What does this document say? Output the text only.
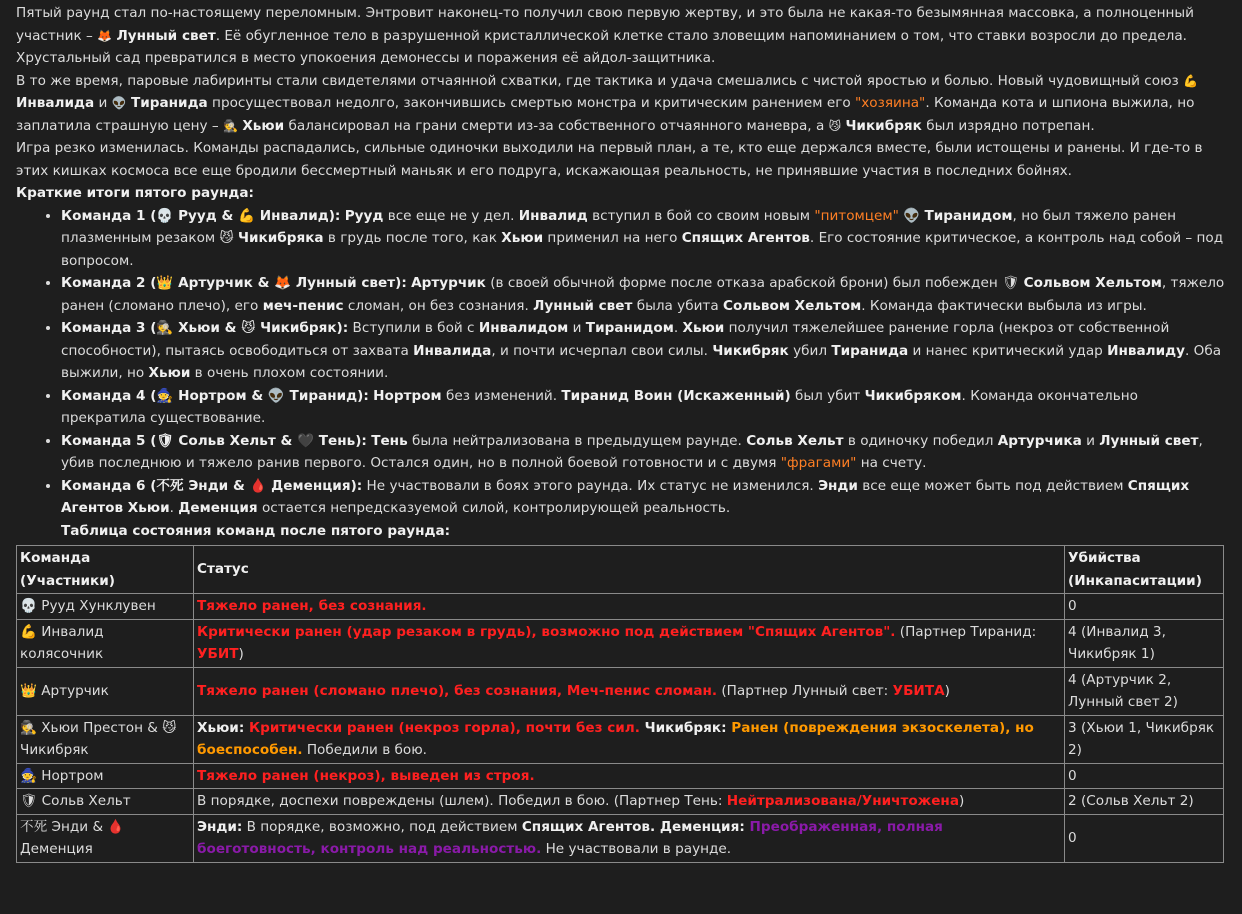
Пятый раунд стал по-настоящему переломным. Энтровит наконец-то получил свою первую жертву, и это была не какая-то безымянная массовка, а полноценный участник – 🦊 Лунный свет. Её обугленное тело в разрушенной кристаллической клетке стало зловещим напоминанием о том, что ставки возросли до предела. Хрустальный сад превратился в место упокоения демонессы и поражения её айдол-защитника.

В то же время, паровые лабиринты стали свидетелями отчаянной схватки, где тактика и удача смешались с чистой яростью и болью. Новый чудовищный союз 💪 Инвалида и 👽 Тиранида просуществовал недолго, закончившись смертью монстра и критическим ранением его "хозяина". Команда кота и шпиона выжила, но заплатила страшную цену – 🕵 Хьюи балансировал на грани смерти из-за собственного отчаянного маневра, а 😼 Чикибряк был изрядно потрепан.

Игра резко изменилась. Команды распадались, сильные одиночки выходили на первый план, а те, кто еще держался вместе, были истощены и ранены. И где-то в этих кишках космоса все еще бродили бессмертный маньяк и его подруга, искажающая реальность, не принявшие участия в последних бойнях.

Краткие итоги пятого раунда:

• Команда 1 (💀 Рууд & 💪 Инвалид): Рууд все еще не у дел. Инвалид вступил в бой со своим новым "питомцем" 👽 Тиранидом, но был тяжело ранен плазменным резаком 😼 Чикибряка в грудь после того, как Хьюи применил на него Спящих Агентов. Его состояние критическое, а контроль над собой – под вопросом.
• Команда 2 (👑 Артурчик & 🦊 Лунный свет): Артурчик (в своей обычной форме после отказа арабской брони) был побежден 🛡 Сольвом Хельтом, тяжело ранен (сломано плечо), его меч-пенис сломан, он без сознания. Лунный свет была убита Сольвом Хельтом. Команда фактически выбыла из игры.
• Команда 3 (🕵 Хьюи & 😼 Чикибряк): Вступили в бой с Инвалидом и Тиранидом. Хьюи получил тяжелейшее ранение горла (некроз от собственной способности), пытаясь освободиться от захвата Инвалида, и почти исчерпал свои силы. Чикибряк убил Тиранида и нанес критический удар Инвалиду. Оба выжили, но Хьюи в очень плохом состоянии.
• Команда 4 (🧙 Нортром & 👽 Тиранид): Нортром без изменений. Тиранид Воин (Искаженный) был убит Чикибряком. Команда окончательно прекратила существование.
• Команда 5 (🛡 Сольв Хельт & 🖤 Тень): Тень была нейтрализована в предыдущем раунде. Сольв Хельт в одиночку победил Артурчика и Лунный свет, убив последнюю и тяжело ранив первого. Остался один, но в полной боевой готовности и с двумя "фрагами" на счету.
• Команда 6 (不死 Энди & 🩸 Деменция): Не участвовали в боях этого раунда. Их статус не изменился. Энди все еще может быть под действием Спящих Агентов Хьюи. Деменция остается непредсказуемой силой, контролирующей реальность.

Таблица состояния команд после пятого раунда:

Команда (Участники)	Статус	Убийства (Инкапаситации)
💀 Рууд Хунклувен	Тяжело ранен, без сознания.	0
💪 Инвалид колясочник	Критически ранен (удар резаком в грудь), возможно под действием "Спящих Агентов". (Партнер Тиранид: УБИТ)	4 (Инвалид 3, Чикибряк 1)
👑 Артурчик	Тяжело ранен (сломано плечо), без сознания, Меч-пенис сломан. (Партнер Лунный свет: УБИТА)	4 (Артурчик 2, Лунный свет 2)
🕵 Хьюи Престон & 😼 Чикибряк	Хьюи: Критически ранен (некроз горла), почти без сил. Чикибряк: Ранен (повреждения экзоскелета), но боеспособен. Победили в бою.	3 (Хьюи 1, Чикибряк 2)
🧙 Нортром	Тяжело ранен (некроз), выведен из строя.	0
🛡 Сольв Хельт	В порядке, доспехи повреждены (шлем). Победил в бою. (Партнер Тень: Нейтрализована/Уничтожена)	2 (Сольв Хельт 2)
不死 Энди & 🩸 Деменция	Энди: В порядке, возможно, под действием Спящих Агентов. Деменция: Преображенная, полная боеготовность, контроль над реальностью. Не участвовали в раунде.	0
